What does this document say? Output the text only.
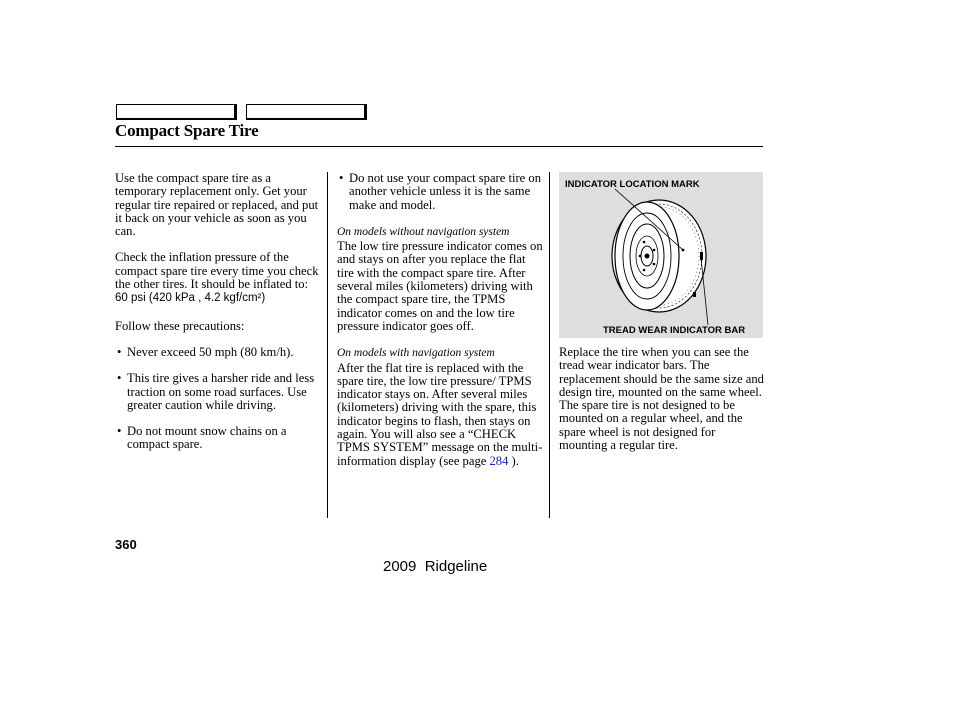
Compact Spare Tire

Use the compact spare tire as a temporary replacement only. Get your regular tire repaired or replaced, and put it back on your vehicle as soon as you can.

Check the inflation pressure of the compact spare tire every time you check the other tires. It should be inflated to:

60 psi (420 kPa , 4.2 kgf/cm²)

Follow these precautions:

• Never exceed 50 mph (80 km/h).

• This tire gives a harsher ride and less traction on some road surfaces. Use greater caution while driving.

• Do not mount snow chains on a compact spare.

• Do not use your compact spare tire on another vehicle unless it is the same make and model.

On models without navigation system

The low tire pressure indicator comes on and stays on after you replace the flat tire with the compact spare tire. After several miles (kilometers) driving with the compact spare tire, the TPMS indicator comes on and the low tire pressure indicator goes off.

On models with navigation system

After the flat tire is replaced with the spare tire, the low tire pressure/ TPMS indicator stays on. After several miles (kilometers) driving with the spare, this indicator begins to flash, then stays on again. You will also see a “CHECK TPMS SYSTEM” message on the multi-information display (see page 284 ).

INDICATOR LOCATION MARK
TREAD WEAR INDICATOR BAR

Replace the tire when you can see the tread wear indicator bars. The replacement should be the same size and design tire, mounted on the same wheel. The spare tire is not designed to be mounted on a regular wheel, and the spare wheel is not designed for mounting a regular tire.

360
2009  Ridgeline
